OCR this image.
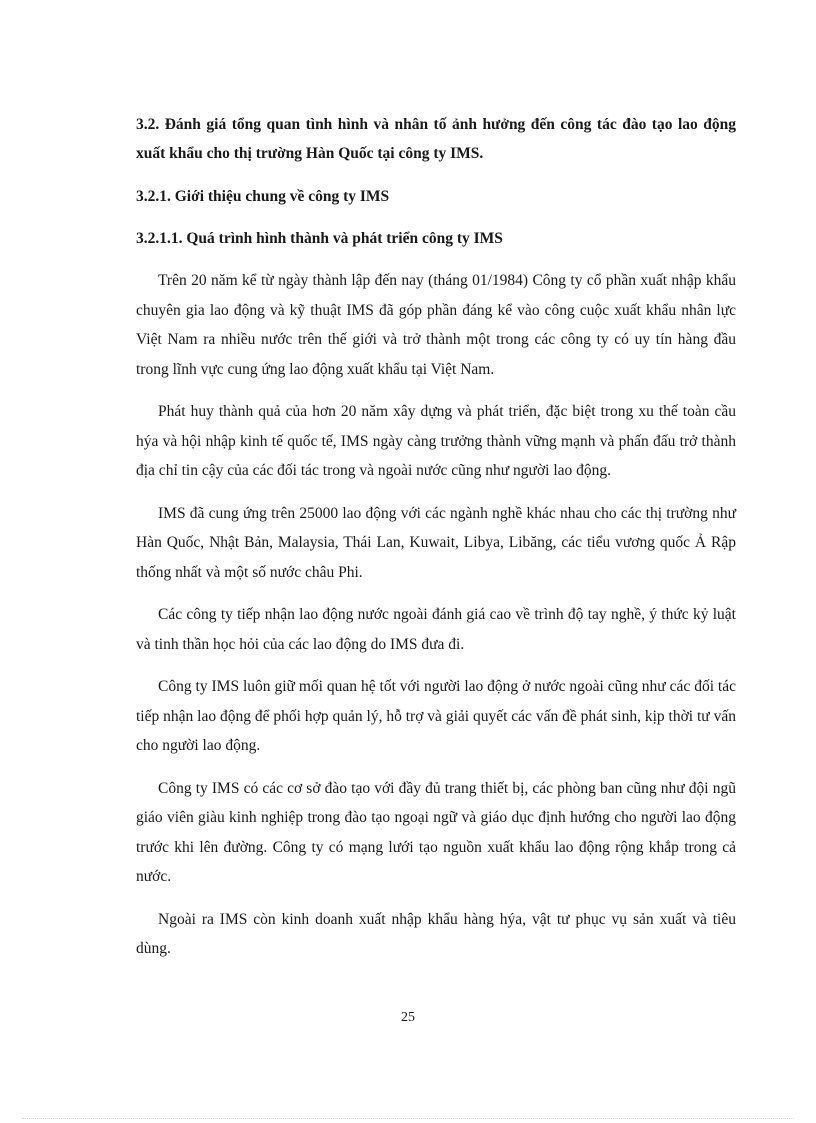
3.2. Đánh giá tổng quan tình hình và nhân tố ảnh hưởng đến công tác đào tạo lao động xuất khẩu cho thị trường Hàn Quốc tại công ty IMS.

3.2.1. Giới thiệu chung về công ty IMS

3.2.1.1. Quá trình hình thành và phát triển công ty IMS

Trên 20 năm kể từ ngày thành lập đến nay (tháng 01/1984) Công ty cổ phần xuất nhập khẩu chuyên gia lao động và kỹ thuật IMS đã góp phần đáng kể vào công cuộc xuất khẩu nhân lực Việt Nam ra nhiều nước trên thế giới và trở thành một trong các công ty có uy tín hàng đầu trong lĩnh vực cung ứng lao động xuất khẩu tại Việt Nam.

Phát huy thành quả của hơn 20 năm xây dựng và phát triển, đặc biệt trong xu thế toàn cầu hýa và hội nhập kinh tế quốc tế, IMS ngày càng trưởng thành vững mạnh và phấn đấu trở thành địa chỉ tin cậy của các đối tác trong và ngoài nước cũng như người lao động.

IMS đã cung ứng trên 25000 lao động với các ngành nghề khác nhau cho các thị trường như Hàn Quốc, Nhật Bản, Malaysia, Thái Lan, Kuwait, Libya, Libăng, các tiểu vương quốc Ả Rập thống nhất và một số nước châu Phi.

Các công ty tiếp nhận lao động nước ngoài đánh giá cao về trình độ tay nghề, ý thức kỷ luật và tinh thần học hỏi của các lao động do IMS đưa đi.

Công ty IMS luôn giữ mối quan hệ tốt với người lao động ở nước ngoài cũng như các đối tác tiếp nhận lao động để phối hợp quản lý, hỗ trợ và giải quyết các vấn đề phát sinh, kịp thời tư vấn cho người lao động.

Công ty IMS có các cơ sở đào tạo với đầy đủ trang thiết bị, các phòng ban cũng như đội ngũ giáo viên giàu kinh nghiệp trong đào tạo ngoại ngữ và giáo dục định hướng cho người lao động trước khi lên đường. Công ty có mạng lưới tạo nguồn xuất khẩu lao động rộng khắp trong cả nước.

Ngoài ra IMS còn kinh doanh xuất nhập khẩu hàng hýa, vật tư phục vụ sản xuất và tiêu dùng.

25
